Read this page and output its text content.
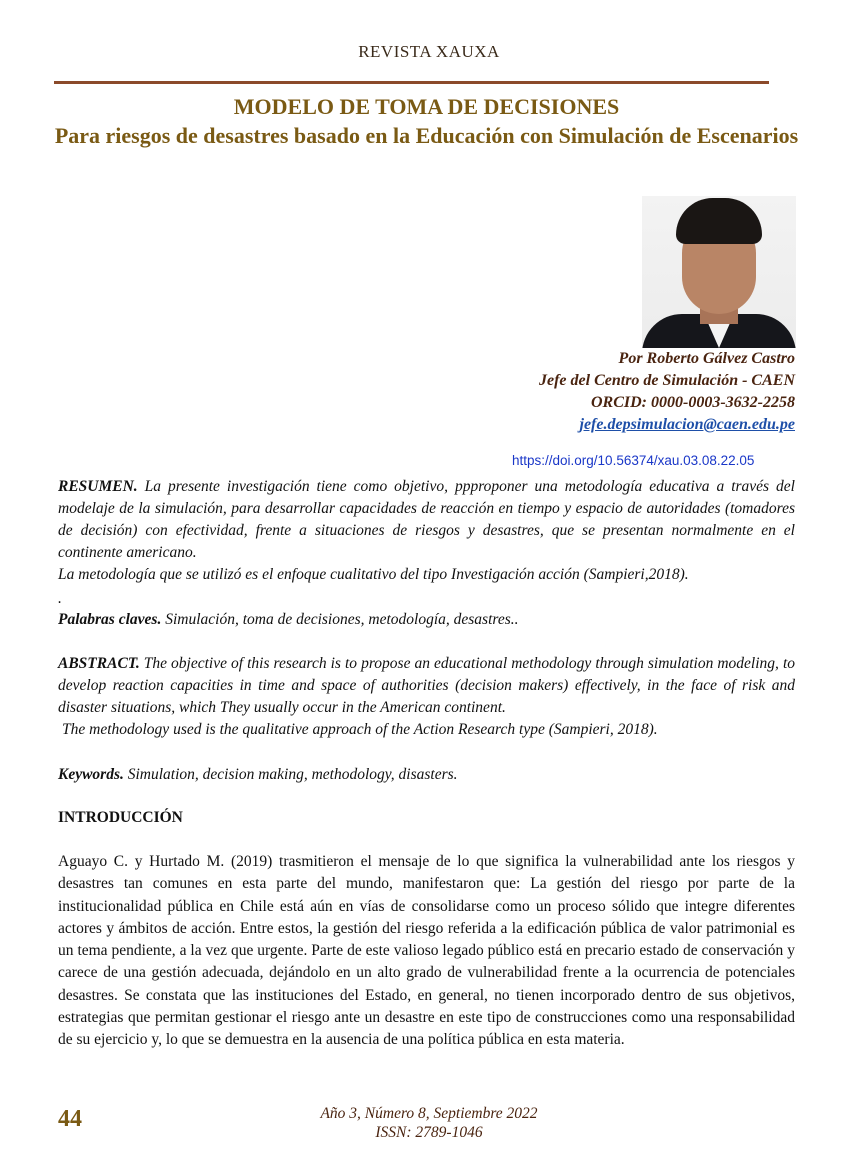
REVISTA XAUXA
MODELO DE TOMA DE DECISIONES
Para riesgos de desastres basado en la Educación con Simulación de Escenarios
Por Roberto Gálvez Castro
Jefe del Centro de Simulación - CAEN
ORCID: 0000-0003-3632-2258
jefe.depsimulacion@caen.edu.pe
https://doi.org/10.56374/xau.03.08.22.05
RESUMEN. La presente investigación tiene como objetivo, ppproponer una metodología educativa a través del modelaje de la simulación, para desarrollar capacidades de reacción en tiempo y espacio de autoridades (tomadores de decisión) con efectividad, frente a situaciones de riesgos y desastres, que se presentan normalmente en el continente americano.
La metodología que se utilizó es el enfoque cualitativo del tipo Investigación acción (Sampieri,2018).
.
Palabras claves. Simulación, toma de decisiones, metodología, desastres..
ABSTRACT. The objective of this research is to propose an educational methodology through simulation modeling, to develop reaction capacities in time and space of authorities (decision makers) effectively, in the face of risk and disaster situations, which They usually occur in the American continent.
The methodology used is the qualitative approach of the Action Research type (Sampieri, 2018).
Keywords. Simulation, decision making, methodology, disasters.
INTRODUCCIÓN
Aguayo C. y Hurtado M. (2019) trasmitieron el mensaje de lo que significa la vulnerabilidad ante los riesgos y desastres tan comunes en esta parte del mundo, manifestaron que: La gestión del riesgo por parte de la institucionalidad pública en Chile está aún en vías de consolidarse como un proceso sólido que integre diferentes actores y ámbitos de acción. Entre estos, la gestión del riesgo referida a la edificación pública de valor patrimonial es un tema pendiente, a la vez que urgente. Parte de este valioso legado público está en precario estado de conservación y carece de una gestión adecuada, dejándolo en un alto grado de vulnerabilidad frente a la ocurrencia de potenciales desastres. Se constata que las instituciones del Estado, en general, no tienen incorporado dentro de sus objetivos, estrategias que permitan gestionar el riesgo ante un desastre en este tipo de construcciones como una responsabilidad de su ejercicio y, lo que se demuestra en la ausencia de una política pública en esta materia.
44	Año 3, Número 8, Septiembre 2022
ISSN: 2789-1046
